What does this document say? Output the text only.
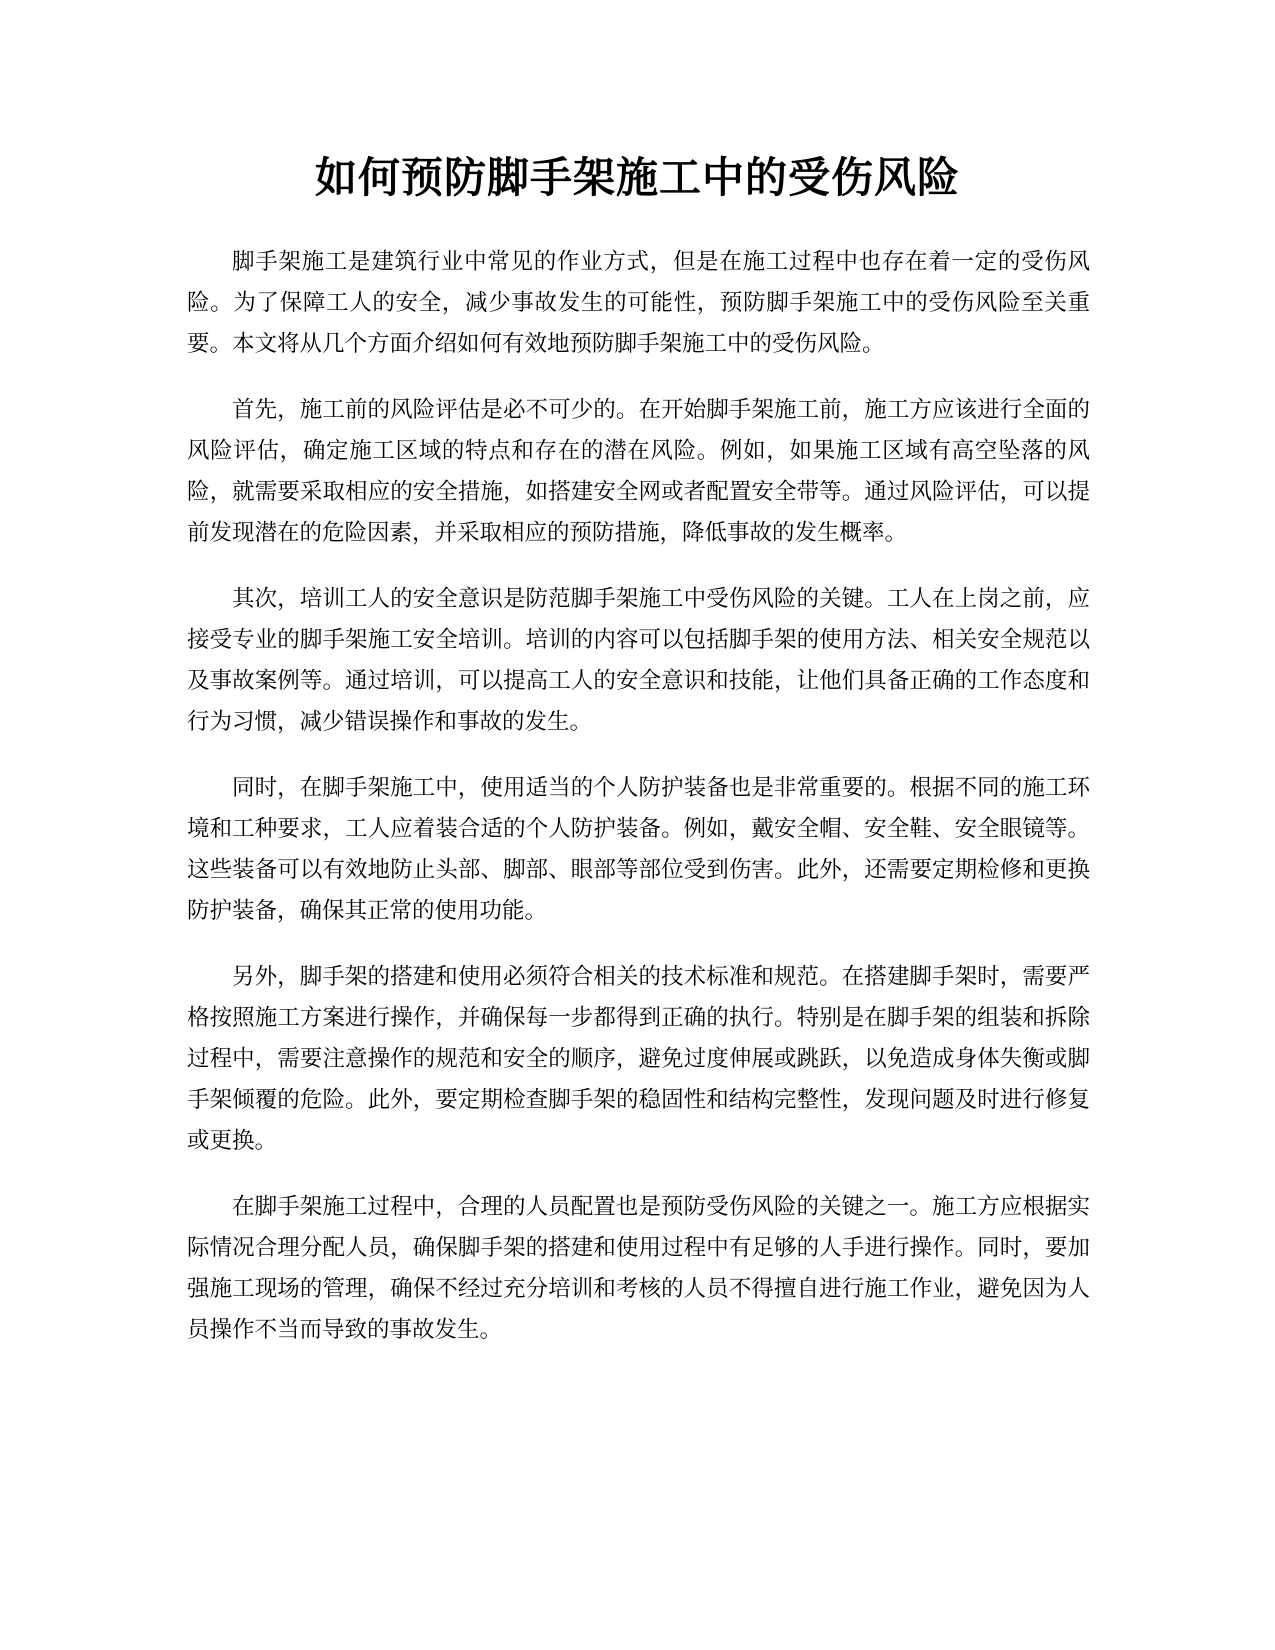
如何预防脚手架施工中的受伤风险

脚手架施工是建筑行业中常见的作业方式，但是在施工过程中也存在着一定的受伤风险。为了保障工人的安全，减少事故发生的可能性，预防脚手架施工中的受伤风险至关重要。本文将从几个方面介绍如何有效地预防脚手架施工中的受伤风险。

首先，施工前的风险评估是必不可少的。在开始脚手架施工前，施工方应该进行全面的风险评估，确定施工区域的特点和存在的潜在风险。例如，如果施工区域有高空坠落的风险，就需要采取相应的安全措施，如搭建安全网或者配置安全带等。通过风险评估，可以提前发现潜在的危险因素，并采取相应的预防措施，降低事故的发生概率。

其次，培训工人的安全意识是防范脚手架施工中受伤风险的关键。工人在上岗之前，应接受专业的脚手架施工安全培训。培训的内容可以包括脚手架的使用方法、相关安全规范以及事故案例等。通过培训，可以提高工人的安全意识和技能，让他们具备正确的工作态度和行为习惯，减少错误操作和事故的发生。

同时，在脚手架施工中，使用适当的个人防护装备也是非常重要的。根据不同的施工环境和工种要求，工人应着装合适的个人防护装备。例如，戴安全帽、安全鞋、安全眼镜等。这些装备可以有效地防止头部、脚部、眼部等部位受到伤害。此外，还需要定期检修和更换防护装备，确保其正常的使用功能。

另外，脚手架的搭建和使用必须符合相关的技术标准和规范。在搭建脚手架时，需要严格按照施工方案进行操作，并确保每一步都得到正确的执行。特别是在脚手架的组装和拆除过程中，需要注意操作的规范和安全的顺序，避免过度伸展或跳跃，以免造成身体失衡或脚手架倾覆的危险。此外，要定期检查脚手架的稳固性和结构完整性，发现问题及时进行修复或更换。

在脚手架施工过程中，合理的人员配置也是预防受伤风险的关键之一。施工方应根据实际情况合理分配人员，确保脚手架的搭建和使用过程中有足够的人手进行操作。同时，要加强施工现场的管理，确保不经过充分培训和考核的人员不得擅自进行施工作业，避免因为人员操作不当而导致的事故发生。
